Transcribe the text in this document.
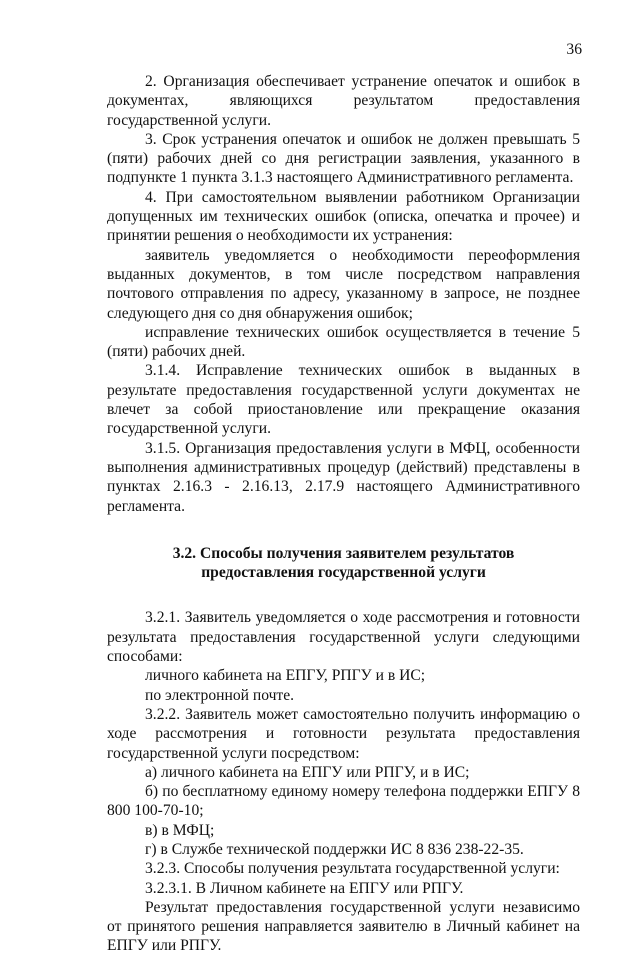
36

2. Организация обеспечивает устранение опечаток и ошибок в документах, являющихся результатом предоставления государственной услуги.

3. Срок устранения опечаток и ошибок не должен превышать 5 (пяти) рабочих дней со дня регистрации заявления, указанного в подпункте 1 пункта 3.1.3 настоящего Административного регламента.

4. При самостоятельном выявлении работником Организации допущенных им технических ошибок (описка, опечатка и прочее) и принятии решения о необходимости их устранения:

заявитель уведомляется о необходимости переоформления выданных документов, в том числе посредством направления почтового отправления по адресу, указанному в запросе, не позднее следующего дня со дня обнаружения ошибок;

исправление технических ошибок осуществляется в течение 5 (пяти) рабочих дней.

3.1.4. Исправление технических ошибок в выданных в результате предоставления государственной услуги документах не влечет за собой приостановление или прекращение оказания государственной услуги.

3.1.5. Организация предоставления услуги в МФЦ, особенности выполнения административных процедур (действий) представлены в пунктах 2.16.3 - 2.16.13, 2.17.9 настоящего Административного регламента.

3.2. Способы получения заявителем результатов предоставления государственной услуги

3.2.1. Заявитель уведомляется о ходе рассмотрения и готовности результата предоставления государственной услуги следующими способами:

личного кабинета на ЕПГУ, РПГУ и в ИС;

по электронной почте.

3.2.2. Заявитель может самостоятельно получить информацию о ходе рассмотрения и готовности результата предоставления государственной услуги посредством:

а) личного кабинета на ЕПГУ или РПГУ, и в ИС;

б) по бесплатному единому номеру телефона поддержки ЕПГУ 8 800 100-70-10;

в) в МФЦ;

г) в Службе технической поддержки ИС 8 836 238-22-35.

3.2.3. Способы получения результата государственной услуги:

3.2.3.1. В Личном кабинете на ЕПГУ или РПГУ.

Результат предоставления государственной услуги независимо от принятого решения направляется заявителю в Личный кабинет на ЕПГУ или РПГУ.
